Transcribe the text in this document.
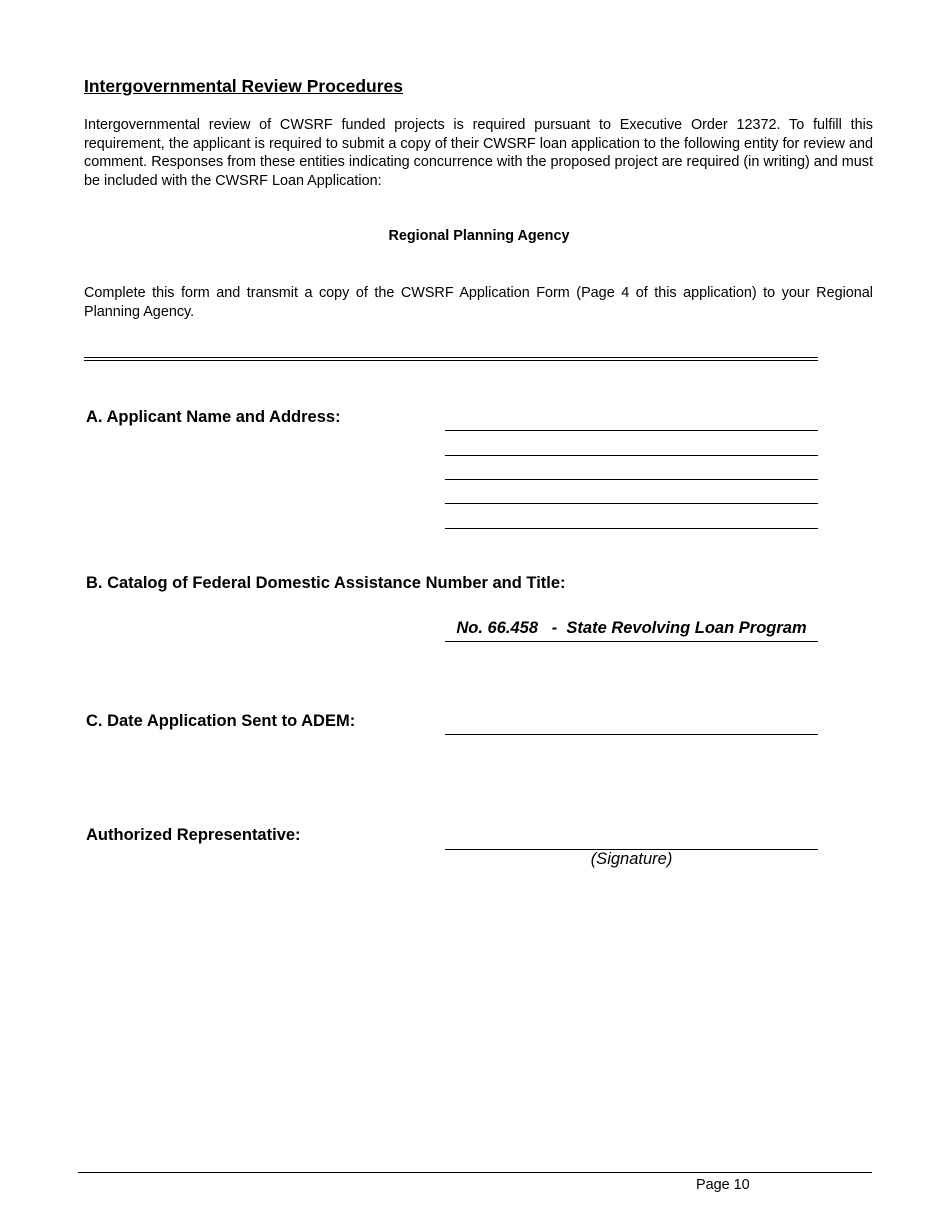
Intergovernmental Review Procedures
Intergovernmental review of CWSRF funded projects is required pursuant to Executive Order 12372. To fulfill this requirement, the applicant is required to submit a copy of their CWSRF loan application to the following entity for review and comment. Responses from these entities indicating concurrence with the proposed project are required (in writing) and must be included with the CWSRF Loan Application:
Regional Planning Agency
Complete this form and transmit a copy of the CWSRF Application Form (Page 4 of this application) to your Regional Planning Agency.
A. Applicant Name and Address:
B. Catalog of Federal Domestic Assistance Number and Title:
No. 66.458   -  State Revolving Loan Program
C. Date Application Sent to ADEM:
Authorized Representative:
(Signature)
Page 10
